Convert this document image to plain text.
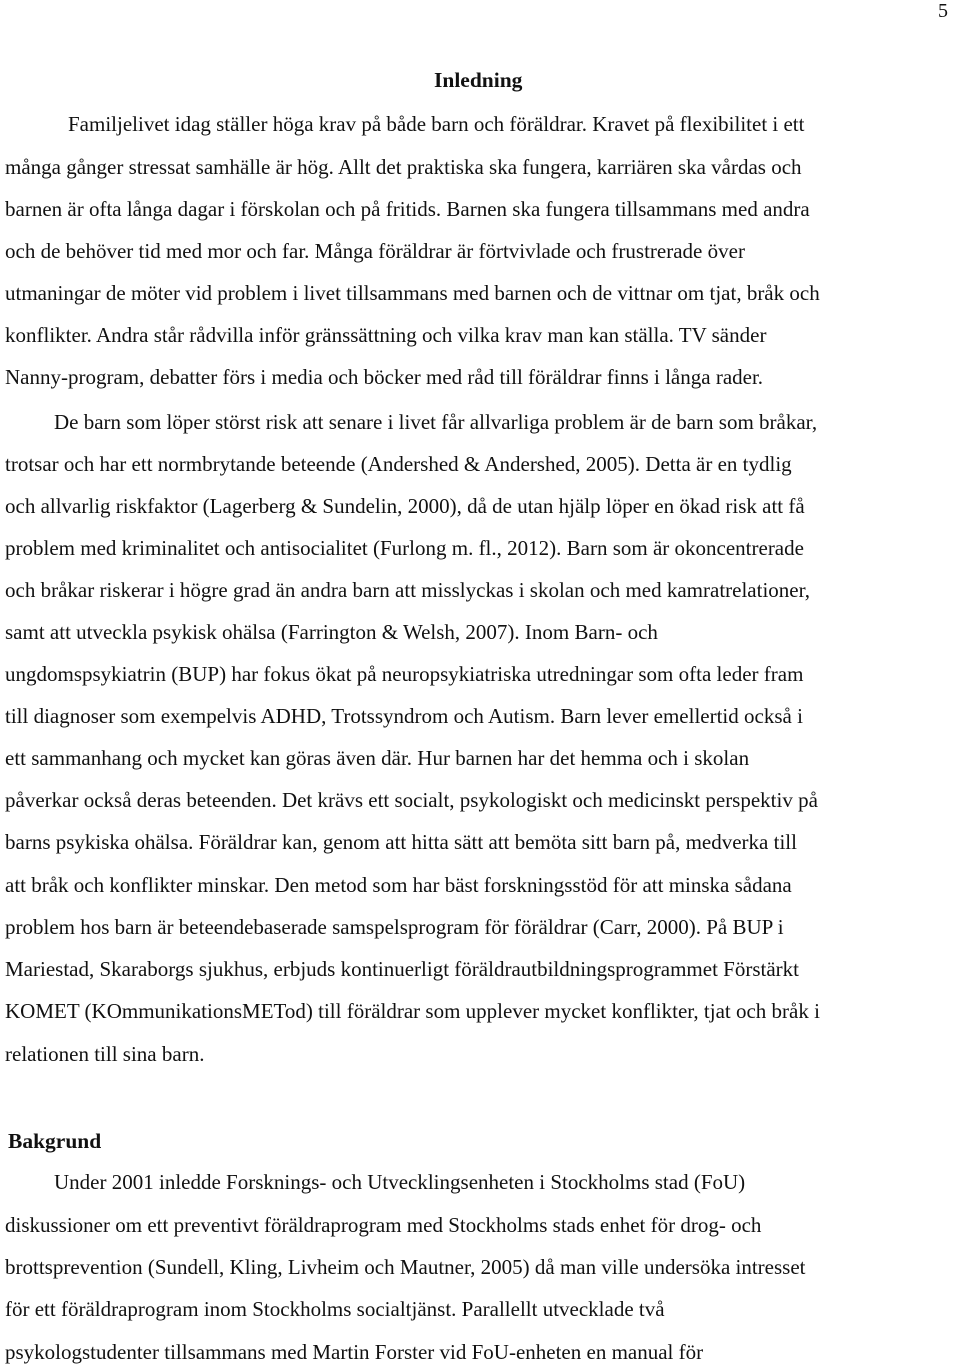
5
Inledning
Familjelivet idag ställer höga krav på både barn och föräldrar. Kravet på flexibilitet i ett
många gånger stressat samhälle är hög. Allt det praktiska ska fungera, karriären ska vårdas och
barnen är ofta långa dagar i förskolan och på fritids. Barnen ska fungera tillsammans med andra
och de behöver tid med mor och far. Många föräldrar är förtvivlade och frustrerade över
utmaningar de möter vid problem i livet tillsammans med barnen och de vittnar om tjat, bråk och
konflikter. Andra står rådvilla inför gränssättning och vilka krav man kan ställa. TV sänder
Nanny-program, debatter förs i media och böcker med råd till föräldrar finns i långa rader.
De barn som löper störst risk att senare i livet får allvarliga problem är de barn som bråkar,
trotsar och har ett normbrytande beteende (Andershed & Andershed, 2005). Detta är en tydlig
och allvarlig riskfaktor (Lagerberg & Sundelin, 2000), då de utan hjälp löper en ökad risk att få
problem med kriminalitet och antisocialitet (Furlong m. fl., 2012). Barn som är okoncentrerade
och bråkar riskerar i högre grad än andra barn att misslyckas i skolan och med kamratrelationer,
samt att utveckla psykisk ohälsa (Farrington & Welsh, 2007). Inom Barn- och
ungdomspsykiatrin (BUP) har fokus ökat på neuropsykiatriska utredningar som ofta leder fram
till diagnoser som exempelvis ADHD, Trotssyndrom och Autism. Barn lever emellertid också i
ett sammanhang och mycket kan göras även där. Hur barnen har det hemma och i skolan
påverkar också deras beteenden. Det krävs ett socialt, psykologiskt och medicinskt perspektiv på
barns psykiska ohälsa. Föräldrar kan, genom att hitta sätt att bemöta sitt barn på, medverka till
att bråk och konflikter minskar. Den metod som har bäst forskningsstöd för att minska sådana
problem hos barn är beteendebaserade samspelsprogram för föräldrar (Carr, 2000). På BUP i
Mariestad, Skaraborgs sjukhus, erbjuds kontinuerligt föräldrautbildningsprogrammet Förstärkt
KOMET (KOmmunikationsMETod) till föräldrar som upplever mycket konflikter, tjat och bråk i
relationen till sina barn.
Bakgrund
Under 2001 inledde Forsknings- och Utvecklingsenheten i Stockholms stad (FoU)
diskussioner om ett preventivt föräldraprogram med Stockholms stads enhet för drog- och
brottsprevention (Sundell, Kling, Livheim och Mautner, 2005) då man ville undersöka intresset
för ett föräldraprogram inom Stockholms socialtjänst. Parallellt utvecklade två
psykologstudenter tillsammans med Martin Forster vid FoU-enheten en manual för
